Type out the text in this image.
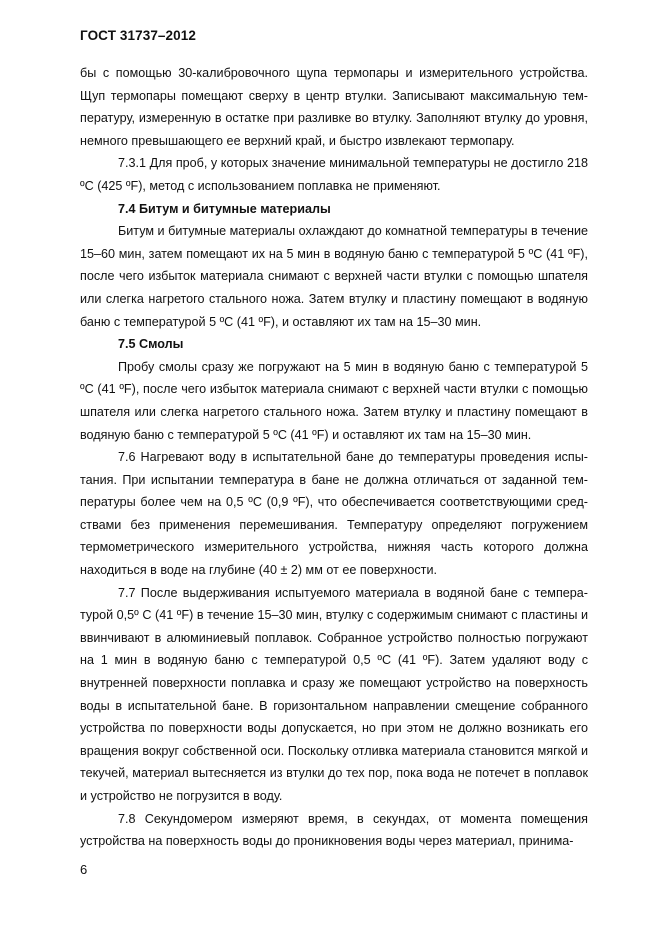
ГОСТ 31737–2012

бы с помощью 30-калибровочного щупа термопары и измерительного устройства. Щуп термопары помещают сверху в центр втулки. Записывают максимальную температуру, измеренную в остатке при разливке во втулку. Заполняют втулку до уровня, немного превышающего ее верхний край, и быстро извлекают термопару.

7.3.1 Для проб, у которых значение минимальной температуры не достигло 218 ºС (425 ºF), метод с использованием поплавка не применяют.

7.4 Битум и битумные материалы

Битум и битумные материалы охлаждают до комнатной температуры в течение 15–60 мин, затем помещают их на 5 мин в водяную баню с температурой 5 ºС (41 ºF), после чего избыток материала снимают с верхней части втулки с помощью шпателя или слегка нагретого стального ножа. Затем втулку и пластину помещают в водяную баню с температурой 5 ºС (41 ºF), и оставляют их там на 15–30 мин.

7.5 Смолы

Пробу смолы сразу же погружают на 5 мин в водяную баню с температурой 5 ºС (41 ºF), после чего избыток материала снимают с верхней части втулки с помощью шпателя или слегка нагретого стального ножа. Затем втулку и пластину помещают в водяную баню с температурой 5 ºС (41 ºF) и оставляют их там на 15–30 мин.

7.6 Нагревают воду в испытательной бане до температуры проведения испытания. При испытании температура в бане не должна отличаться от заданной температуры более чем на 0,5 ºС (0,9 ºF), что обеспечивается соответствующими средствами без применения перемешивания. Температуру определяют погружением термометрического измерительного устройства, нижняя часть которого должна находиться в воде на глубине (40 ± 2) мм от ее поверхности.

7.7 После выдерживания испытуемого материала в водяной бане с температурой 0,5º С (41 ºF) в течение 15–30 мин, втулку с содержимым снимают с пластины и ввинчивают в алюминиевый поплавок. Собранное устройство полностью погружают на 1 мин в водяную баню с температурой 0,5 ºС (41 ºF). Затем удаляют воду с внутренней поверхности поплавка и сразу же помещают устройство на поверхность воды в испытательной бане. В горизонтальном направлении смещение собранного устройства по поверхности воды допускается, но при этом не должно возникать его вращения вокруг собственной оси. Поскольку отливка материала становится мягкой и текучей, материал вытесняется из втулки до тех пор, пока вода не потечет в поплавок и устройство не погрузится в воду.

7.8 Секундомером измеряют время, в секундах, от момента помещения устройства на поверхность воды до проникновения воды через материал, принима-

6
